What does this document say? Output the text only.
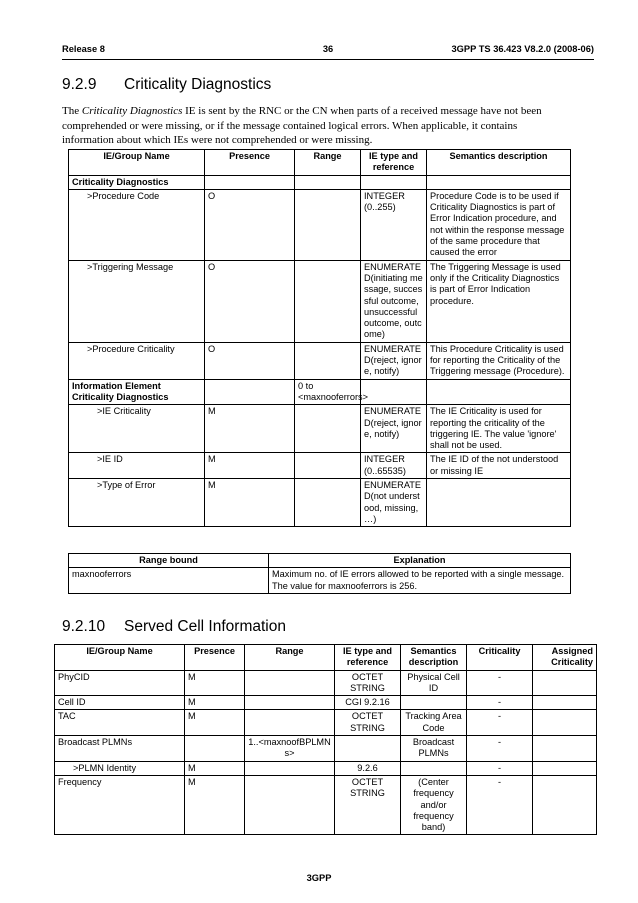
Release 8	36	3GPP TS 36.423 V8.2.0 (2008-06)
9.2.9 Criticality Diagnostics
The Criticality Diagnostics IE is sent by the RNC or the CN when parts of a received message have not been comprehended or were missing, or if the message contained logical errors. When applicable, it contains information about which IEs were not comprehended or were missing.
IE/Group Name	Presence	Range	IE type and reference	Semantics description
Criticality Diagnostics				
>Procedure Code	O		INTEGER (0..255)	Procedure Code is to be used if Criticality Diagnostics is part of Error Indication procedure, and not within the response message of the same procedure that caused the error
>Triggering Message	O		ENUMERATED(initiating message, successful outcome, unsuccessful outcome, outcome)	The Triggering Message is used only if the Criticality Diagnostics is part of Error Indication procedure.
>Procedure Criticality	O		ENUMERATED(reject, ignore, notify)	This Procedure Criticality is used for reporting the Criticality of the Triggering message (Procedure).
Information Element Criticality Diagnostics		0 to <maxnooferrors>		
>IE Criticality	M		ENUMERATED(reject, ignore, notify)	The IE Criticality is used for reporting the criticality of the triggering IE. The value 'ignore' shall not be used.
>IE ID	M		INTEGER (0..65535)	The IE ID of the not understood or missing IE
>Type of Error	M		ENUMERATED(not understood, missing, …)	
Range bound	Explanation
maxnooferrors	Maximum no. of IE errors allowed to be reported with a single message. The value for maxnooferrors is 256.
9.2.10 Served Cell Information
IE/Group Name	Presence	Range	IE type and reference	Semantics description	Criticality	Assigned Criticality
PhyCID	M		OCTET STRING	Physical Cell ID	-	
Cell ID	M		CGI 9.2.16		-	
TAC	M		OCTET STRING	Tracking Area Code	-	
Broadcast PLMNs		1..<maxnoofBPLMNs>		Broadcast PLMNs	-	
>PLMN Identity	M		9.2.6		-	
Frequency	M		OCTET STRING	(Center frequency and/or frequency band)	-	
3GPP
